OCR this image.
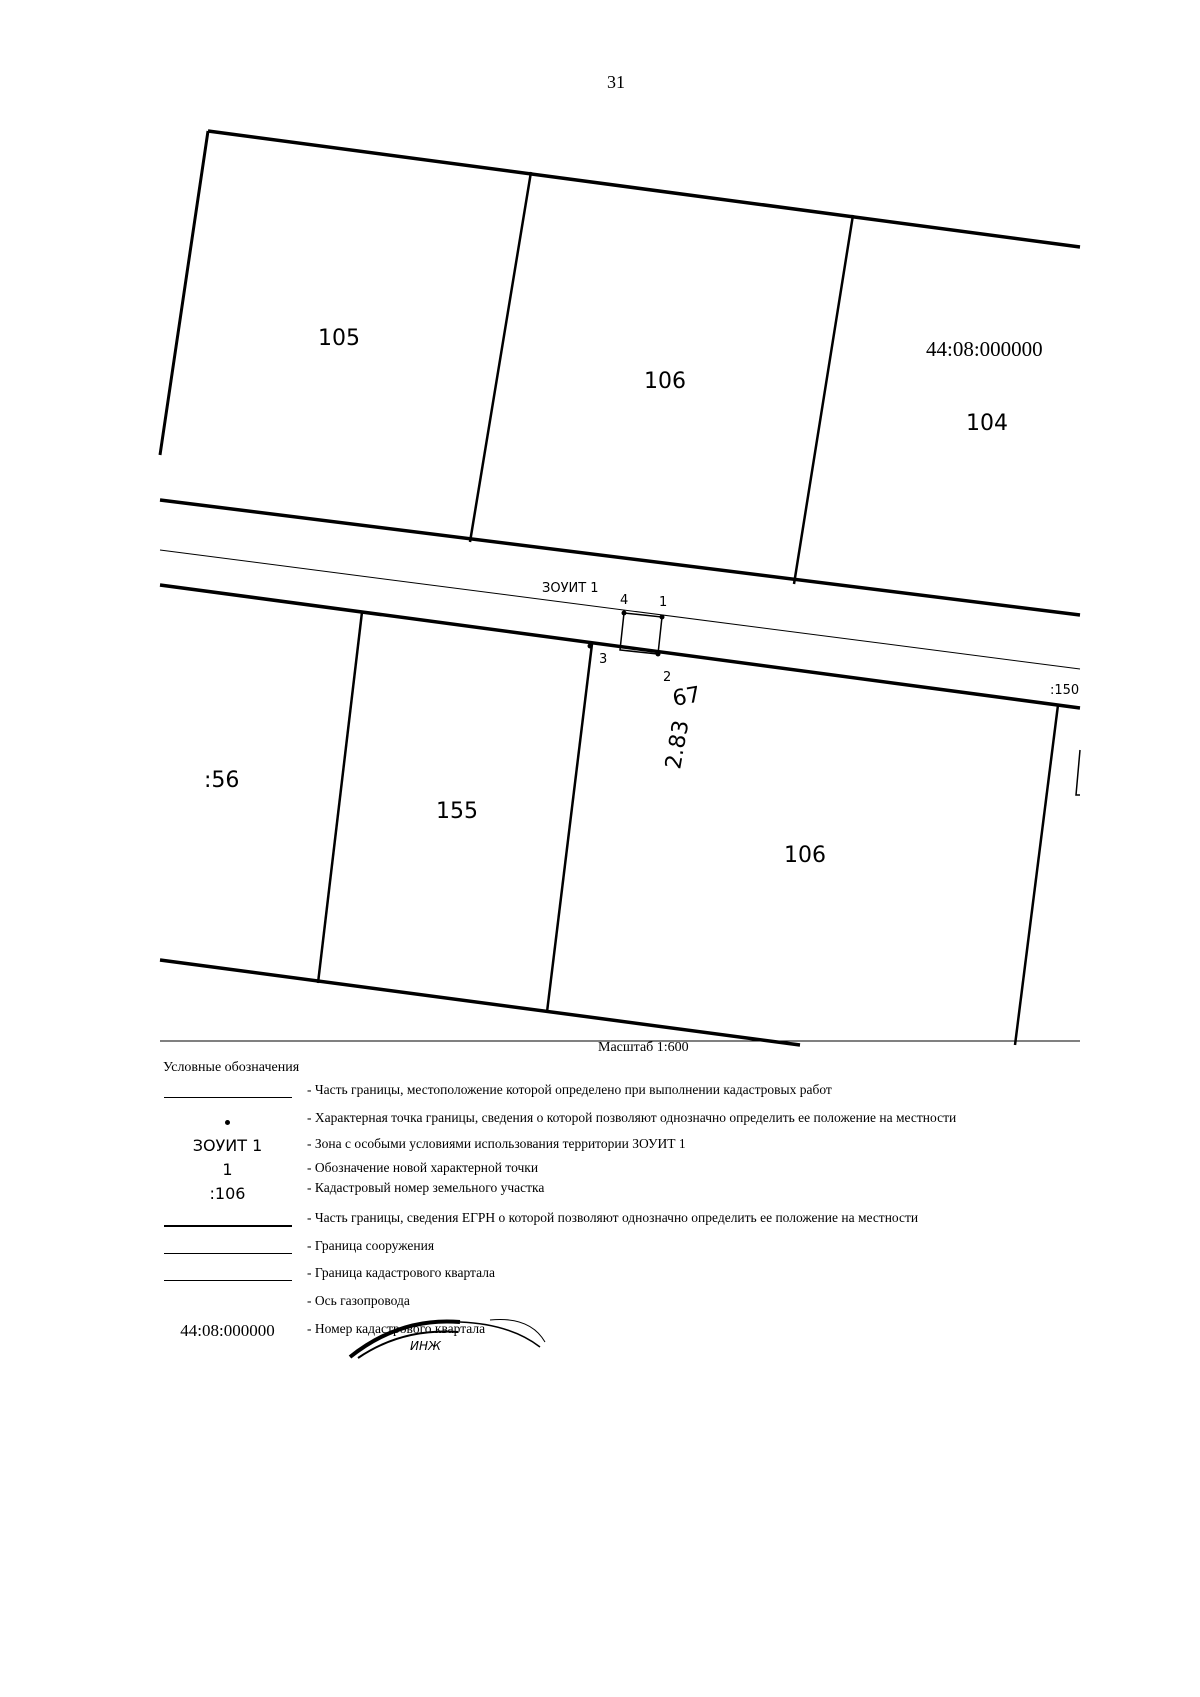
31
105
106
104
44:08:000000
ЗОУИТ 1
4 1
3
2
:150
67
2.83
:56
155
106
Масштаб 1:600
Условные обозначения
- Часть границы, местоположение которой определено при выполнении кадастровых работ
- Характерная точка границы, сведения о которой позволяют однозначно определить ее положение на местности
ЗОУИТ 1	- Зона с особыми условиями использования территории ЗОУИТ 1
1	- Обозначение новой характерной точки
:106	- Кадастровый номер земельного участка
- Часть границы, сведения ЕГРН о которой позволяют однозначно определить ее положение на местности
- Граница сооружения
- Граница кадастрового квартала
- Ось газопровода
44:08:000000	- Номер кадастрового квартала
ИНЖ
